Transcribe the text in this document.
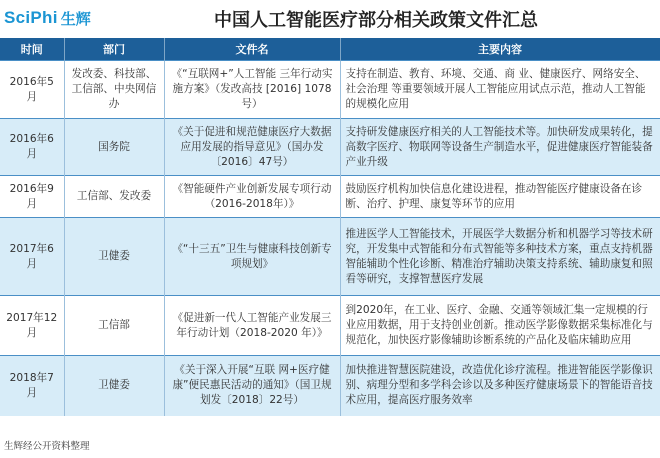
SciPhi 生辉	中国人工智能医疗部分相关政策文件汇总
时间	部门	文件名	主要内容
2016年5月	发改委、科技部、工信部、中央网信办	《“互联网+”人工智能 三年行动实施方案》（发改高技 [2016] 1078号）	支持在制造、教育、环境、交通、商 业、健康医疗、网络安全、社会治理 等重要领域开展人工智能应用试点示范，推动人工智能的规模化应用
2016年6月	国务院	《关于促进和规范健康医疗大数据应用发展的指导意见》（国办发〔2016〕47号）	支持研发健康医疗相关的人工智能技术等。加快研发成果转化，提高数字医疗、物联网等设备生产制造水平，促进健康医疗智能装备产业升级
2016年9月	工信部、发改委	《智能硬件产业创新发展专项行动（2016-2018年）》	鼓励医疗机构加快信息化建设进程，推动智能医疗健康设备在诊断、治疗、护理、康复等环节的应用
2017年6月	卫健委	《“十三五”卫生与健康科技创新专项规划》	推进医学人工智能技术，开展医学大数据分析和机器学习等技术研究，开发集中式智能和分布式智能等多种技术方案，重点支持机器智能辅助个性化诊断、精准治疗辅助决策支持系统、辅助康复和照看等研究，支撑智慧医疗发展
2017年12月	工信部	《促进新一代人工智能产业发展三年行动计划（2018-2020 年）》	到2020年，在工业、医疗、金融、交通等领域汇集一定规模的行业应用数据，用于支持创业创新。推动医学影像数据采集标准化与规范化，加快医疗影像辅助诊断系统的产品化及临床辅助应用
2018年7月	卫健委	《关于深入开展“互联 网+医疗健康”便民惠民活动的通知》（国卫规划发〔2018〕22号）	加快推进智慧医院建设，改造优化诊疗流程。推进智能医学影像识别、病理分型和多学科会诊以及多种医疗健康场景下的智能语音技术应用，提高医疗服务效率
生辉经公开资料整理
